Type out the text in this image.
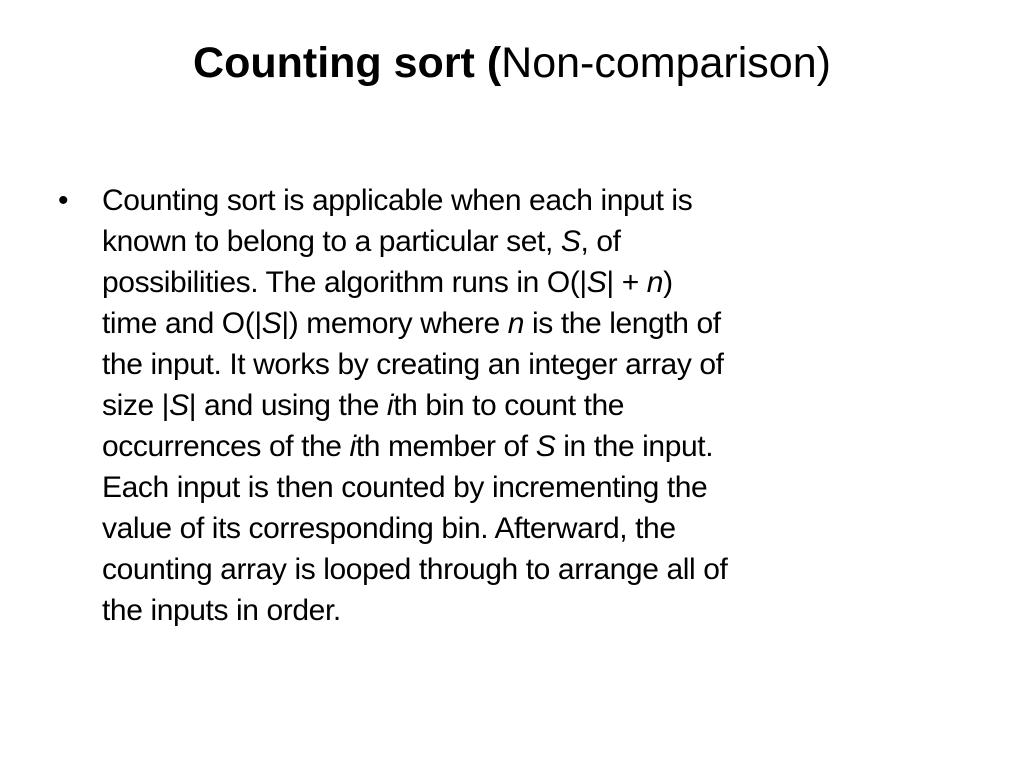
Counting sort (Non-comparison)
• Counting sort is applicable when each input is
known to belong to a particular set, S, of
possibilities. The algorithm runs in O(|S| + n)
time and O(|S|) memory where n is the length of
the input. It works by creating an integer array of
size |S| and using the ith bin to count the
occurrences of the ith member of S in the input.
Each input is then counted by incrementing the
value of its corresponding bin. Afterward, the
counting array is looped through to arrange all of
the inputs in order.
